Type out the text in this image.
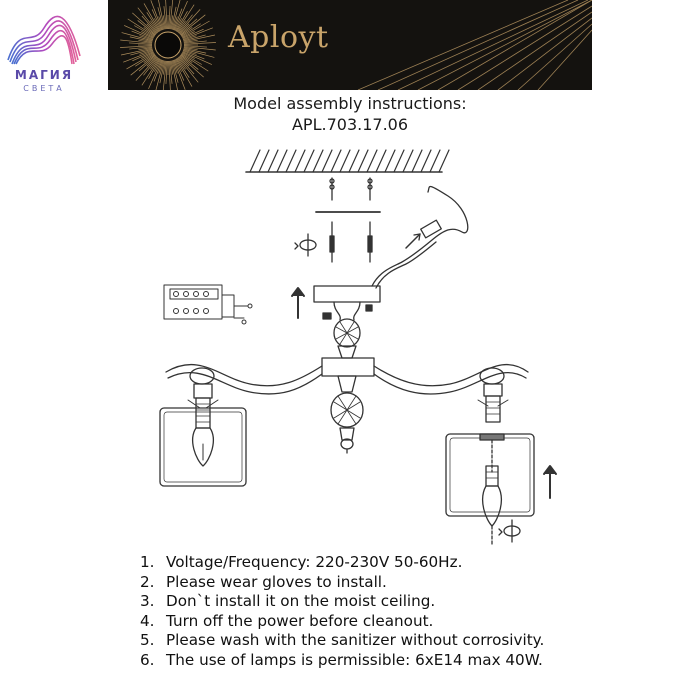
МАГИЯ
СВЕТА
Aployt
Model assembly instructions:
APL.703.17.06
1. Voltage/Frequency: 220-230V 50-60Hz.
2. Please wear gloves to install.
3. Don`t install it on the moist ceiling.
4. Turn off the power before cleanout.
5. Please wash with the sanitizer without corrosivity.
6. The use of lamps is permissible: 6xE14 max 40W.
